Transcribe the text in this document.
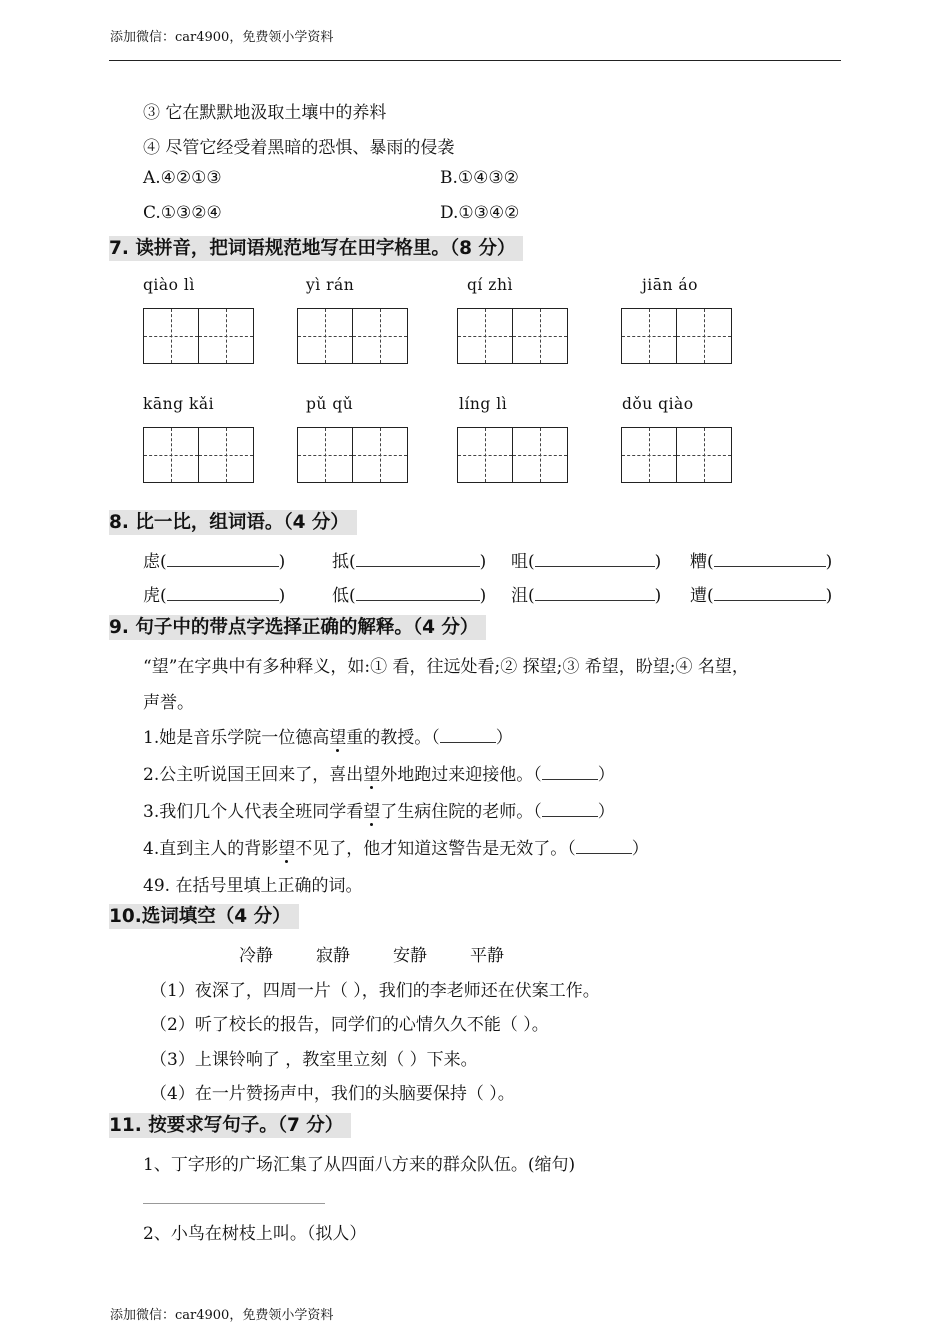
添加微信：car4900，免费领小学资料
③ 它在默默地汲取土壤中的养料
④ 尽管它经受着黑暗的恐惧、暴雨的侵袭
A.④②①③	B.①④③②
C.①③②④	D.①③④②
7. 读拼音，把词语规范地写在田字格里。（8 分）
qiào lì	yì rán	qí zhì	jiān áo
kāng kǎi	pǔ qǔ	líng lì	dǒu qiào
8. 比一比，组词语。（4 分）
虑(	)	抵(	) 咀(	) 糟(	)
虎(	)	低(	) 沮(	) 遭(	)
9. 句子中的带点字选择正确的解释。（4 分）
“望”在字典中有多种释义，如:① 看，往远处看;② 探望;③ 希望，盼望;④ 名望，
声誉。
1.她是音乐学院一位德高望重的教授。（	）
2.公主听说国王回来了，喜出望外地跑过来迎接他。（	）
3.我们几个人代表全班同学看望了生病住院的老师。（	）
4.直到主人的背影望不见了，他才知道这警告是无效了。（	）
49. 在括号里填上正确的词。
10.选词填空（4 分）
冷静	寂静	安静	平静
（1）夜深了，四周一片（ ），我们的李老师还在伏案工作。
（2）听了校长的报告，同学们的心情久久不能（ ）。
（3）上课铃响了 ，教室里立刻（ ）下来。
（4）在一片赞扬声中，我们的头脑要保持（ ）。
11. 按要求写句子。（7 分）
1、丁字形的广场汇集了从四面八方来的群众队伍。(缩句)
2、小鸟在树枝上叫。（拟人）
添加微信：car4900，免费领小学资料
